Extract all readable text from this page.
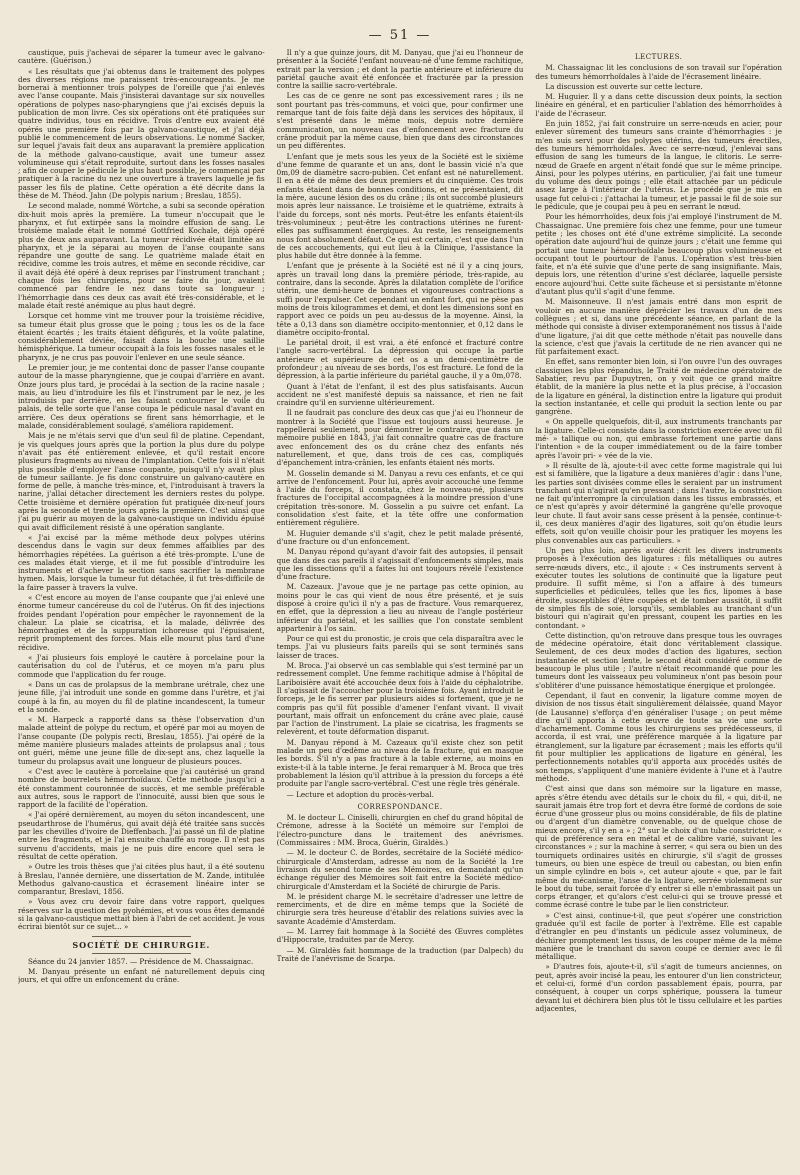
— 51 —

caustique, puis j'achevai de séparer la tumeur avec le galvano-cautère. (Guérison.)

« Les résultats que j'ai obtenus dans le traitement des polypes des diverses régions me paraissent très-encourageants. Je me bornerai à mentionner trois polypes de l'oreille que j'ai enlevés avec l'anse coupante. Mais j'insisterai davantage sur six nouvelles opérations de polypes naso-pharyngiens que j'ai excisés depuis la publication de mon livre. Ces six opérations ont été pratiquées sur quatre individus, tous en récidive. Trois d'entre eux avaient été opérés une première fois par la galvano-caustique, et j'ai déjà publié le commencement de leurs observations. Le nommé Sacker, sur lequel j'avais fait deux ans auparavant la première application de la méthode galvano-caustique, avait une tumeur assez volumineuse qui s'était reproduite, surtout dans les fosses nasales ; afin de couper le pédicule le plus haut possible, je commençai par pratiquer à la racine du nez une ouverture à travers laquelle je fis passer les fils de platine. Cette opération a été décrite dans la thèse de M. Théod. Jahn (De polypis narium ; Breslau, 1855).

Le second malade, nommé Wörtche, a subi sa seconde opération dix-huit mois après la première. La tumeur n'occupait que le pharynx, et fut extirpée sans la moindre effusion de sang. Le troisième malade était le nommé Gottfried Kochale, déjà opéré plus de deux ans auparavant. La tumeur récidivée était limitée au pharynx, et je la séparai au moyen de l'anse coupante sans répandre une goutte de sang. Le quatrième malade était en récidive, comme les trois autres, et même en seconde récidive, car il avait déjà été opéré à deux reprises par l'instrument tranchant ; chaque fois les chirurgiens, pour se faire du jour, avaient commencé par fendre le nez dans toute sa longueur ; l'hémorrhagie dans ces deux cas avait été très-considérable, et le malade était resté anémique au plus haut degré.

Lorsque cet homme vint me trouver pour la troisième récidive, sa tumeur était plus grosse que le poing ; tous les os de la face étaient écartés ; les traits étaient défigurés, et la voûte palatine, considérablement déviée, faisait dans la bouche une saillie hémisphérique. La tumeur occupait à la fois les fosses nasales et le pharynx, je ne crus pas pouvoir l'enlever en une seule séance.

Le premier jour, je me contentai donc de passer l'anse coupante autour de la masse pharyngienne, que je coupai d'arrière en avant. Onze jours plus tard, je procédai à la section de la racine nasale ; mais, au lieu d'introduire les fils et l'instrument par le nez, je les introduisis par derrière, en les faisant contourner le voile du palais, de telle sorte que l'anse coupa le pédicule nasal d'avant en arrière. Ces deux opérations se firent sans hémorrhagie, et le malade, considérablement soulagé, s'améliora rapidement.

Mais je ne m'étais servi que d'un seul fil de platine. Cependant, je vis quelques jours après que la portion la plus dure du polype n'avait pas été entièrement enlevée, et qu'il restait encore plusieurs fragments au niveau de l'implantation. Cette fois il n'était plus possible d'employer l'anse coupante, puisqu'il n'y avait plus de tumeur saillante. Je fis donc construire un galvano-cautère en forme de pelle, à manche très-mince, et, l'introduisant à travers la narine, j'allai détacher directement les derniers restes du polype. Cette troisième et dernière opération fut pratiquée dix-neuf jours après la seconde et trente jours après la première. C'est ainsi que j'ai pu guérir au moyen de la galvano-caustique un individu épuisé qui avait difficilement résisté à une opération sanglante.

« J'ai excisé par la même méthode deux polypes utérins descendus dans le vagin sur deux femmes affaiblies par des hémorrhagies répétées. La guérison a été très-prompte. L'une de ces malades était vierge, et il me fut possible d'introduire les instruments et d'achever la section sans sacrifier la membrane hymen. Mais, lorsque la tumeur fut détachée, il fut très-difficile de la faire passer à travers la vulve.

« C'est encore au moyen de l'anse coupante que j'ai enlevé une énorme tumeur cancéreuse du col de l'utérus. On fit des injections froides pendant l'opération pour empêcher le rayonnement de la chaleur. La plaie se cicatrisa, et la malade, délivrée des hémorrhagies et de la suppuration ichoreuse qui l'épuisaient, reprit promptement des forces. Mais elle mourut plus tard d'une récidive.

« J'ai plusieurs fois employé le cautère à porcelaine pour la cautérisation du col de l'utérus, et ce moyen m'a paru plus commode que l'application du fer rouge.

« Dans un cas de prolapsus de la membrane urétrale, chez une jeune fille, j'ai introduit une sonde en gomme dans l'urètre, et j'ai coupé à la fin, au moyen du fil de platine incandescent, la tumeur et la sonde.

« M. Harpeck a rapporté dans sa thèse l'observation d'un malade atteint de polype du rectum, et opéré par moi au moyen de l'anse coupante (De polypis recti, Breslau, 1855). J'ai opéré de la même manière plusieurs malades atteints de prolapsus anal ; tous ont guéri, même une jeune fille de dix-sept ans, chez laquelle la tumeur du prolapsus avait une longueur de plusieurs pouces.

« C'est avec le cautère à porcelaine que j'ai cautérisé un grand nombre de bourrelets hémorrhoïdaux. Cette méthode jusqu'ici a été constamment couronnée de succès, et me semble préférable aux autres, sous le rapport de l'innocuité, aussi bien que sous le rapport de la facilité de l'opération.

« J'ai opéré dernièrement, au moyen du séton incandescent, une pseudarthrose de l'humérus, qui avait déjà été traitée sans succès par les chevilles d'ivoire de Dieffenbach. J'ai passé un fil de platine entre les fragments, et je l'ai ensuite chauffé au rouge. Il n'est pas survenu d'accidents, mais je ne puis dire encore quel sera le résultat de cette opération.

» Outre les trois thèses que j'ai citées plus haut, il a été soutenu à Breslau, l'année dernière, une dissertation de M. Zande, intitulée Methodus galvano-caustica et écrasement linéaire inter se comparantur, Breslavi, 1856.

» Vous avez cru devoir faire dans votre rapport, quelques réserves sur la question des pyohémies, et vous vous êtes demandé si la galvano-caustique mettait bien à l'abri de cet accident. Je vous écrirai bientôt sur ce sujet... »

SOCIÉTÉ DE CHIRURGIE.

Séance du 24 janvier 1857. — Présidence de M. Chassaignac.

M. Danyau présente un enfant né naturellement depuis cinq jours, et qui offre un enfoncement du crâne.

Il n'y a que quinze jours, dit M. Danyau, que j'ai eu l'honneur de présenter à la Société l'enfant nouveau-né d'une femme rachitique, extrait par la version ; et dont la partie antérieure et inférieure du pariétal gauche avait été enfoncée et fracturée par la pression contre la saillie sacro-vertébrale.

Les cas de ce genre ne sont pas excessivement rares ; ils ne sont pourtant pas très-communs, et voici que, pour confirmer une remarque tant de fois faite déjà dans les services des hôpitaux, il s'est présenté dans le même mois, depuis notre dernière communication, un nouveau cas d'enfoncement avec fracture du crâne produit par la même cause, bien que dans des circonstances un peu différentes.

L'enfant que je mets sous les yeux de la Société est le sixième d'une femme de quarante et un ans, dont le bassin vicié n'a que 0m,09 de diamètre sacro-pubien. Cet enfant est né naturellement. Il en a été de même des deux premiers et du cinquième. Ces trois enfants étaient dans de bonnes conditions, et ne présentaient, dit la mère, aucune lésion des os du crâne ; ils ont succombé plusieurs mois après leur naissance. Le troisième et le quatrième, extraits à l'aide du forceps, sont nés morts. Peut-être les enfants étaient-ils très-volumineux ; peut-être les contractions utérines ne furent-elles pas suffisamment énergiques. Au reste, les renseignements nous font absolument défaut. Ce qui est certain, c'est que dans l'un de ces accouchements, qui eut lieu à la Clinique, l'assistance la plus habile dut être donnée à la femme.

L'enfant que je présente à la Société est né il y a cinq jours, après un travail long dans la première période, très-rapide, au contraire, dans la seconde. Après la dilatation complète de l'orifice utérin, une demi-heure de bonnes et vigoureuses contractions a suffi pour l'expulser. Cet cependant un enfant fort, qui ne pèse pas moins de trois kilogrammes et demi, et dont les dimensions sont en rapport avec ce poids un peu au-dessus de la moyenne. Ainsi, la tête a 0,13 dans son diamètre occipito-mentonnier, et 0,12 dans le diamètre occipito-frontal.

Le pariétal droit, il est vrai, a été enfoncé et fracturé contre l'angle sacro-vertébral. La dépression qui occupe la partie antérieure et supérieure de cet os a un demi-centimètre de profondeur ; au niveau de ses bords, l'os est fracturé. Le fond de la dépression, à la partie inférieure du pariétal gauche, il y a 0m,078.

Quant à l'état de l'enfant, il est des plus satisfaisants. Aucun accident ne s'est manifesté depuis sa naissance, et rien ne fait craindre qu'il en survienne ultérieurement.

Il ne faudrait pas conclure des deux cas que j'ai eu l'honneur de montrer à la Société que l'issue est toujours aussi heureuse. Je rappellerai seulement, pour démontrer le contraire, que dans un mémoire publié en 1843, j'ai fait connaître quatre cas de fracture avec enfoncement des os du crâne chez des enfants nés naturellement, et que, dans trois de ces cas, compliqués d'épanchement intra-crânien, les enfants étaient nés morts.

M. Gosselin demande si M. Danyau a revu ces enfants, et ce qui arrive de l'enfoncement. Pour lui, après avoir accouché une femme à l'aide du forceps, il constata, chez le nouveau-né, plusieurs fractures de l'occipital accompagnées à la moindre pression d'une crépitation très-sonore. M. Gosselin a pu suivre cet enfant. La consolidation s'est faite, et la tête offre une conformation entièrement régulière.

M. Huguier demande s'il s'agit, chez le petit malade présenté, d'une fracture ou d'un enfoncement.

M. Danyau répond qu'ayant d'avoir fait des autopsies, il pensait que dans des cas pareils il s'agissait d'enfoncements simples, mais que les dissections qu'il a faites lui ont toujours révélé l'existence d'une fracture.

M. Cazeaux. J'avoue que je ne partage pas cette opinion, au moins pour le cas qui vient de nous être présenté, et je suis disposé à croire qu'ici il n'y a pas de fracture. Vous remarquerez, en effet, que la dépression a lieu au niveau de l'angle postérieur inférieur du pariétal, et les saillies que l'on constate semblent appartenir à l'os sain.

Pour ce qui est du pronostic, je crois que cela disparaîtra avec le temps. J'ai vu plusieurs faits pareils qui se sont terminés sans laisser de traces.

M. Broca. J'ai observé un cas semblable qui s'est terminé par un redressement complet. Une femme rachitique admise à l'hôpital de Lariboisière avait été accouchée deux fois à l'aide du céphalotribe. Il s'agissait de l'accoucher pour la troisième fois. Ayant introduit le forceps, je le fis serrer par plusieurs aides si fortement, que je ne compris pas qu'il fût possible d'amener l'enfant vivant. Il vivait pourtant, mais offrait un enfoncement du crâne avec plaie, causé par l'action de l'instrument. La plaie se cicatrisa, les fragments se relevèrent, et toute déformation disparut.

M. Danyau répond à M. Cazeaux qu'il existe chez son petit malade un peu d'œdème au niveau de la fracture, qui en masque les bords. S'il n'y a pas fracture à la table externe, au moins en existe-t-il à la table interne. Je ferai remarquer à M. Broca que très probablement la lésion qu'il attribue à la pression du forceps a été produite par l'angle sacro-vertébral. C'est une règle très générale.

— Lecture et adoption du procès-verbal.

CORRESPONDANCE.

M. le docteur L. Ciniselli, chirurgien en chef du grand hôpital de Crémone, adresse à la Société un mémoire sur l'emploi de l'électro-puncture dans le traitement des anévrismes. (Commissaires : MM. Broca, Guérin, Giraldès.)

— M. le docteur C. de Bordes, secrétaire de la Société médico-chirurgicale d'Amsterdam, adresse au nom de la Société la 1re livraison du second tome de ses Mémoires, en demandant qu'un échange régulier des Mémoires soit fait entre la Société médico-chirurgicale d'Amsterdam et la Société de chirurgie de Paris.

M. le président charge M. le secrétaire d'adresser une lettre de remerciments, et de dire en même temps que la Société de chirurgie sera très heureuse d'établir des relations suivies avec la savante Académie d'Amsterdam.

— M. Larrey fait hommage à la Société des Œuvres complètes d'Hippocrate, traduites par de Mercy.

— M. Giraldès fait hommage de la traduction (par Dalpech) du Traité de l'anévrisme de Scarpa.

LECTURES.

M. Chassaignac lit les conclusions de son travail sur l'opération des tumeurs hémorrhoïdales à l'aide de l'écrasement linéaire.

La discussion est ouverte sur cette lecture.

M. Huguier. Il y a dans cette discussion deux points, la section linéaire en général, et en particulier l'ablation des hémorrhoïdes à l'aide de l'écraseur.

En juin 1852, j'ai fait construire un serre-nœuds en acier, pour enlever sûrement des tumeurs sans crainte d'hémorrhagies : je m'en suis servi pour des polypes utérins, des tumeurs érectiles, des tumeurs hémorrhoïdales. Avec ce serre-nœud, j'enlevai sans effusion de sang les tumeurs de la langue, le clitoris. Le serre-nœud de Graefe en argent n'était fondé que sur le même principe. Ainsi, pour les polypes utérins, en particulier, j'ai fait une tumeur du volume des deux poings ; elle était attachée par un pédicule assez large à l'intérieur de l'utérus. Le procédé que je mis en usage fut celui-ci : j'attachai la tumeur, et je passai le fil de soie sur le pédicule, que je coupai peu à peu en serrant le nœud.

Pour les hémorrhoïdes, deux fois j'ai employé l'instrument de M. Chassaignac. Une première fois chez une femme, pour une tumeur petite ; les choses ont été d'une extrême simplicité. La seconde opération date aujourd'hui de quinze jours ; c'était une femme qui portait une tumeur hémorrhoïdale beaucoup plus volumineuse et occupant tout le pourtour de l'anus. L'opération s'est très-bien faite, et n'a été suivie que d'une perte de sang insignifiante. Mais, depuis lors, une rétention d'urine s'est déclarée, laquelle persiste encore aujourd'hui. Cette suite fâcheuse et si persistante m'étonne d'autant plus qu'il s'agit d'une femme.

M. Maisonneuve. Il n'est jamais entré dans mon esprit de vouloir en aucune manière déprécier les travaux d'un de mes collègues ; et si, dans une précédente séance, en parlant de la méthode qui consiste à diviser extemporanément nos tissus à l'aide d'une ligature, j'ai dit que cette méthode n'était pas nouvelle dans la science, c'est que j'avais la certitude de ne rien avancer qui ne fût parfaitement exact.

En effet, sans remonter bien loin, si l'on ouvre l'un des ouvrages classiques les plus répandus, le Traité de médecine opératoire de Sabatier, revu par Dupuytren, on y voit que ce grand maître établit, de la manière la plus nette et la plus précise, à l'occasion de la ligature en général, la distinction entre la ligature qui produit la section instantanée, et celle qui produit la section lente ou par gangrène.

« On appelle quelquefois, dit-il, aux instruments tranchants par la ligature. Celle-ci consiste dans la constriction exercée avec un fil mé- » tallique ou non, qui embrasse fortement une partie dans l'intention » de la couper immédiatement ou de la faire tomber après l'avoir pri- » vée de la vie.

» Il résulte de là, ajoute-t-il avec cette forme magistrale qui lui est si familière, que la ligature a deux manières d'agir : dans l'une, les parties sont divisées comme elles le seraient par un instrument tranchant qui n'agirait qu'en pressant ; dans l'autre, la constriction ne fait qu'interrompre la circulation dans les tissus embrassés, et ce n'est qu'après y avoir déterminé la gangrène qu'elle provoque leur chute. Il faut avoir sans cesse présent à la pensée, continue-t-il, ces deux manières d'agir des ligatures, soit qu'on étudie leurs effets, soit qu'on veuille choisir pour les pratiquer les moyens les plus convenables aux cas particuliers. »

Un peu plus loin, après avoir décrit les divers instruments proposés à l'exécution des ligatures : fils métalliques ou autres serre-nœuds divers, etc., il ajoute : « Ces instruments servent à exécuter toutes les solutions de continuité que la ligature peut produire. Il suffit même, si l'on a affaire à des tumeurs superficielles et pédiculées, telles que les fics, lipomes à base étroite, susceptibles d'être coupées et de tomber aussitôt, il suffit de simples fils de soie, lorsqu'ils, semblables au tranchant d'un bistouri qui n'agirait qu'en pressant, coupent les parties en les contondant. »

Cette distinction, qu'on retrouve dans presque tous les ouvrages de médecine opératoire, était donc véritablement classique. Seulement, de ces deux modes d'action des ligatures, section instantanée et section lente, le second était considéré comme de beaucoup le plus utile ; l'autre n'était recommandé que pour les tumeurs dont les vaisseaux peu volumineux n'ont pas besoin pour s'oblitérer d'une puissance hémostatique énergique et prolongée.

Cependant, il faut en convenir, la ligature comme moyen de division de nos tissus était singulièrement délaissée, quand Mayor (de Lausanne) s'efforça d'en généraliser l'usage ; on peut même dire qu'il apporta à cette œuvre de toute sa vie une sorte d'acharnement. Comme tous les chirurgiens ses prédécesseurs, il accorda, il est vrai, une préférence marquée à la ligature par étranglement, sur la ligature par écrasement ; mais les efforts qu'il fit pour multiplier les applications de ligature en général, les perfectionnements notables qu'il apporta aux procédés usités de son temps, s'appliquent d'une manière évidente à l'une et à l'autre méthode.

C'est ainsi que dans son mémoire sur la ligature en masse, après s'être étendu avec détails sur le choix du fil, « qui, dit-il, ne saurait jamais être trop fort et devra être formé de cordons de soie écrue d'une grosseur plus ou moins considérable, de fils de platine ou d'argent d'un diamètre convenable, ou de quelque chose de mieux encore, s'il y en a » ; 2° sur le choix d'un tube constricteur, « qui de préférence sera en métal et de calibre varié, suivant les circonstances » ; sur la machine à serrer, « qui sera ou bien un des tourniquets ordinaires usités en chirurgie, s'il s'agit de grosses tumeurs, ou bien une espèce de treuil ou cabestan, ou bien enfin un simple cylindre en bois », cet auteur ajoute « que, par le fait même du mécanisme, l'anse de la ligature, serrée violemment sur le bout du tube, serait forcée d'y entrer si elle n'embrassait pas un corps étranger, et qu'alors c'est celui-ci qui se trouve pressé et comme écrasé contre le tube par le lien constricteur.

» C'est ainsi, continue-t-il, que peut s'opérer une constriction graduée qu'il est facile de porter à l'extrême. Elle est capable d'étrangler en peu d'instants un pédicule assez volumineux, de déchirer promptement les tissus, de les couper même de la même manière que le tranchant du savon coupé ce dernier avec le fil métallique.

» D'autres fois, ajoute-t-il, s'il s'agit de tumeurs anciennes, on peut, après avoir incisé la peau, les entourer d'un lien constricteur, et celui-ci, formé d'un cordon passablement épais, pourra, par conséquent, à couper un corps sphérique, poussera la tumeur devant lui et déchirera bien plus tôt le tissu cellulaire et les parties adjacentes,
